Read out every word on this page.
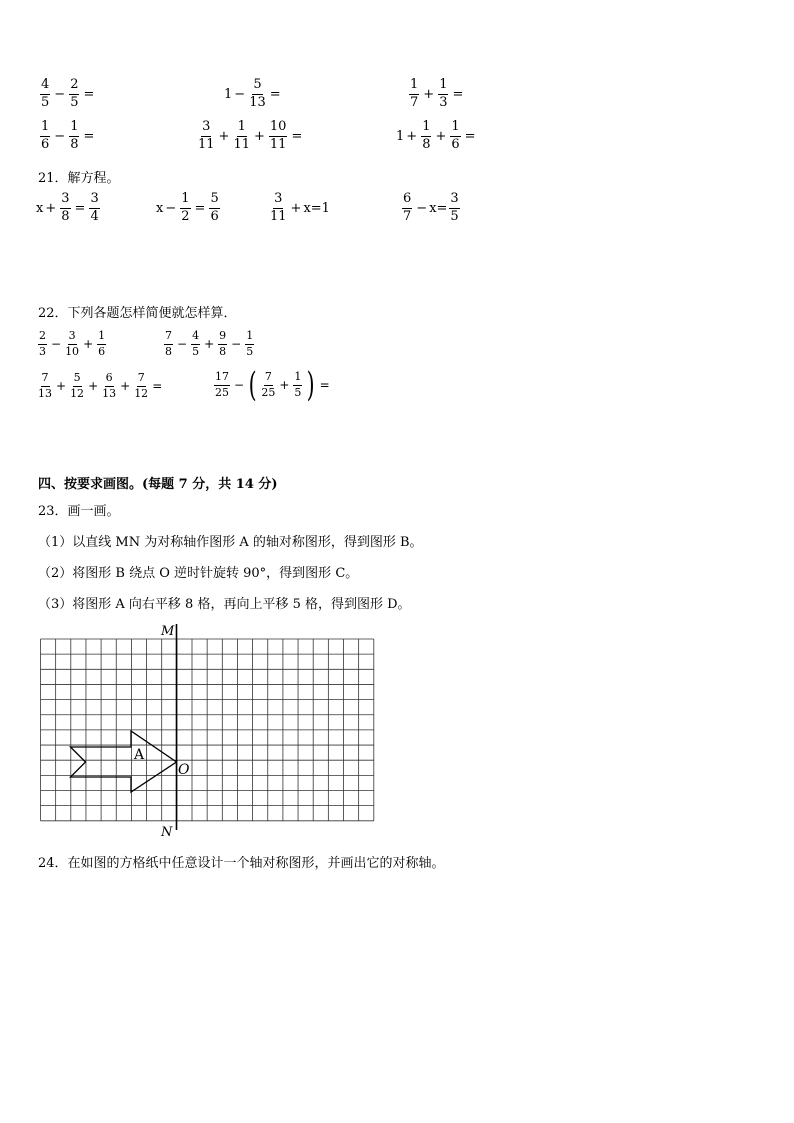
$\frac{4}{5} - \frac{2}{5}$ =	$1 - \frac{5}{13}$ =	$\frac{1}{7} + \frac{1}{3}$ =
$\frac{1}{6} - \frac{1}{8}$ =	$\frac{3}{11} + \frac{1}{11} + \frac{10}{11}$ =	$1 + \frac{1}{8} + \frac{1}{6}$ =
21．解方程。
$x + \frac{3}{8} = \frac{3}{4}$	$x - \frac{1}{2} = \frac{5}{6}$	$\frac{3}{11} + x=1$	$\frac{6}{7} - x= \frac{3}{5}$
22．下列各题怎样简便就怎样算．
$\frac{2}{3} - \frac{3}{10} + \frac{1}{6}$	$\frac{7}{8} - \frac{4}{5} + \frac{9}{8} - \frac{1}{5}$
$\frac{7}{13} + \frac{5}{12} + \frac{6}{13} + \frac{7}{12}$ =	$\frac{17}{25}$ − ( $\frac{7}{25} + \frac{1}{5}$ ) =
四、按要求画图。(每题 7 分，共 14 分)
23．画一画。
（1）以直线 MN 为对称轴作图形 A 的轴对称图形，得到图形 B。
（2）将图形 B 绕点 O 逆时针旋转 90°，得到图形 C。
（3）将图形 A 向右平移 8 格，再向上平移 5 格，得到图形 D。
M
N
O
A
24．在如图的方格纸中任意设计一个轴对称图形，并画出它的对称轴。
